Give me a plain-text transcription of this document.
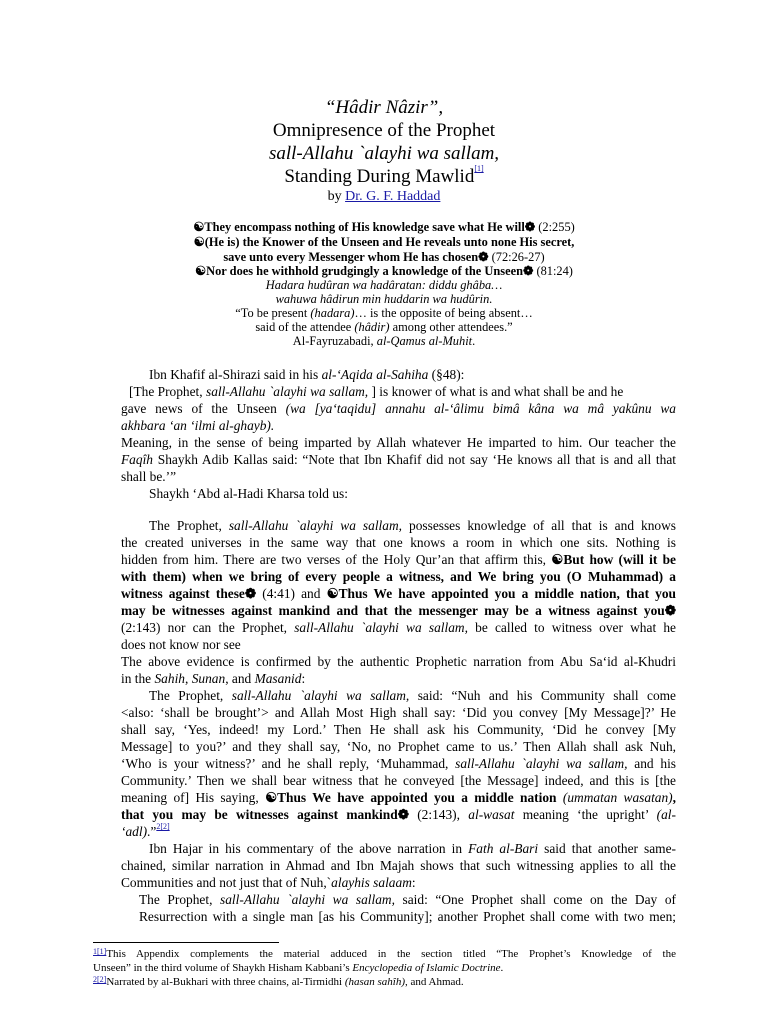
“Hâdir Nâzir”,
Omnipresence of the Prophet
sall-Allahu `alayhi wa sallam,
Standing During Mawlid[1]
by Dr. G. F. Haddad
☯They encompass nothing of His knowledge save what He will❁ (2:255)
☯(He is) the Knower of the Unseen and He reveals unto none His secret,
save unto every Messenger whom He has chosen❁ (72:26-27)
☯Nor does he withhold grudgingly a knowledge of the Unseen❁ (81:24)
Hadara hudûran wa hadâratan: diddu ghâba…
wahuwa hâdirun min huddarin wa hudûrin.
“To be present (hadara)… is the opposite of being absent…
said of the attendee (hâdir) among other attendees.”
Al-Fayruzabadi, al-Qamus al-Muhit.
Ibn Khafif al-Shirazi said in his al-‘Aqida al-Sahiha (§48):
[The Prophet, sall-Allahu `alayhi wa sallam, ] is knower of what is and what shall be and he
gave news of the Unseen (wa [ya‘taqidu] annahu al-‘âlimu bimâ kâna wa mâ yakûnu wa
akhbara ‘an ‘ilmi al-ghayb).
Meaning, in the sense of being imparted by Allah whatever He imparted to him. Our teacher the
Faqîh Shaykh Adib Kallas said: “Note that Ibn Khafif did not say ‘He knows all that is and all that
shall be.’”
Shaykh ‘Abd al-Hadi Kharsa told us:
The Prophet, sall-Allahu `alayhi wa sallam, possesses knowledge of all that is and knows
the created universes in the same way that one knows a room in which one sits. Nothing is
hidden from him. There are two verses of the Holy Qur’an that affirm this, ☯But how (will it be
with them) when we bring of every people a witness, and We bring you (O Muhammad) a
witness against these❁ (4:41) and ☯Thus We have appointed you a middle nation, that you
may be witnesses against mankind and that the messenger may be a witness against you❁
(2:143) nor can the Prophet, sall-Allahu `alayhi wa sallam, be called to witness over what he
does not know nor see
The above evidence is confirmed by the authentic Prophetic narration from Abu Sa‘id al-Khudri
in the Sahih, Sunan, and Masanid:
The Prophet, sall-Allahu `alayhi wa sallam, said: “Nuh and his Community shall come
<also: ‘shall be brought’> and Allah Most High shall say: ‘Did you convey [My Message]?’ He
shall say, ‘Yes, indeed! my Lord.’ Then He shall ask his Community, ‘Did he convey [My
Message] to you?’ and they shall say, ‘No, no Prophet came to us.’ Then Allah shall ask Nuh,
‘Who is your witness?’ and he shall reply, ‘Muhammad, sall-Allahu `alayhi wa sallam, and his
Community.’ Then we shall bear witness that he conveyed [the Message] indeed, and this is [the
meaning of] His saying, ☯Thus We have appointed you a middle nation (ummatan wasatan),
that you may be witnesses against mankind❁ (2:143), al-wasat meaning ‘the upright’ (al-
‘adl).”$^{2[2]}$
Ibn Hajar in his commentary of the above narration in Fath al-Bari said that another same-
chained, similar narration in Ahmad and Ibn Majah shows that such witnessing applies to all the
Communities and not just that of Nuh,`alayhis salaam:
The Prophet, sall-Allahu `alayhi wa sallam, said: “One Prophet shall come on the Day of
Resurrection with a single man [as his Community]; another Prophet shall come with two men;
$^{1[1]}$This Appendix complements the material adduced in the section titled “The Prophet’s Knowledge of the
Unseen” in the third volume of Shaykh Hisham Kabbani’s Encyclopedia of Islamic Doctrine.
$^{2[2]}$Narrated by al-Bukhari with three chains, al-Tirmidhi (hasan sahîh), and Ahmad.
